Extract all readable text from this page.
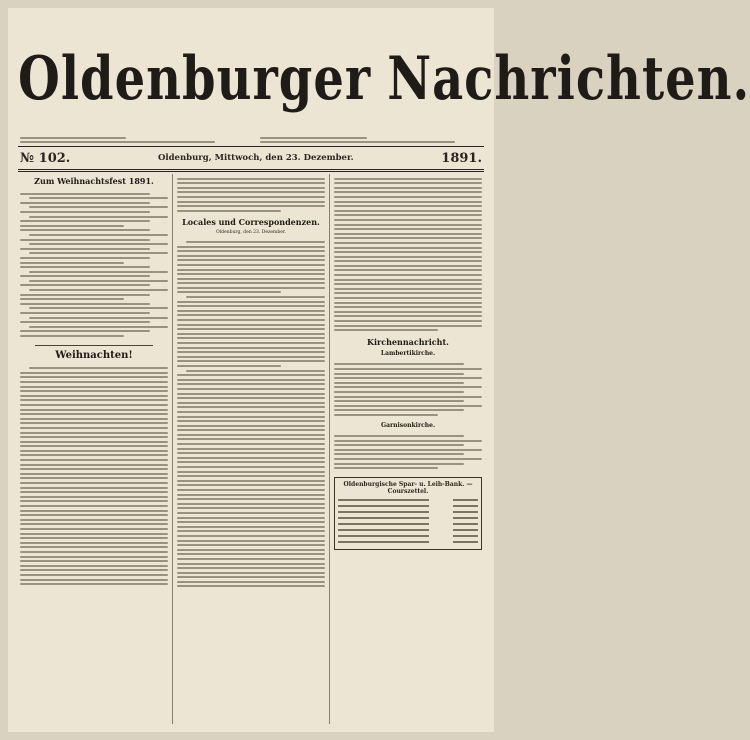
Oldenburger Nachrichten.
№ 102.	Oldenburg, Mittwoch, den 23. Dezember.	1891.
Zum Weihnachtsfest 1891.
Weihnachten!
Locales und Correspondenzen.
Oldenburg, den 23. Dezember.
Kirchennachricht.
Lambertikirche.
Garnisonkirche.
Oldenburgische Spar- u. Leih-Bank. — Courszettel.
